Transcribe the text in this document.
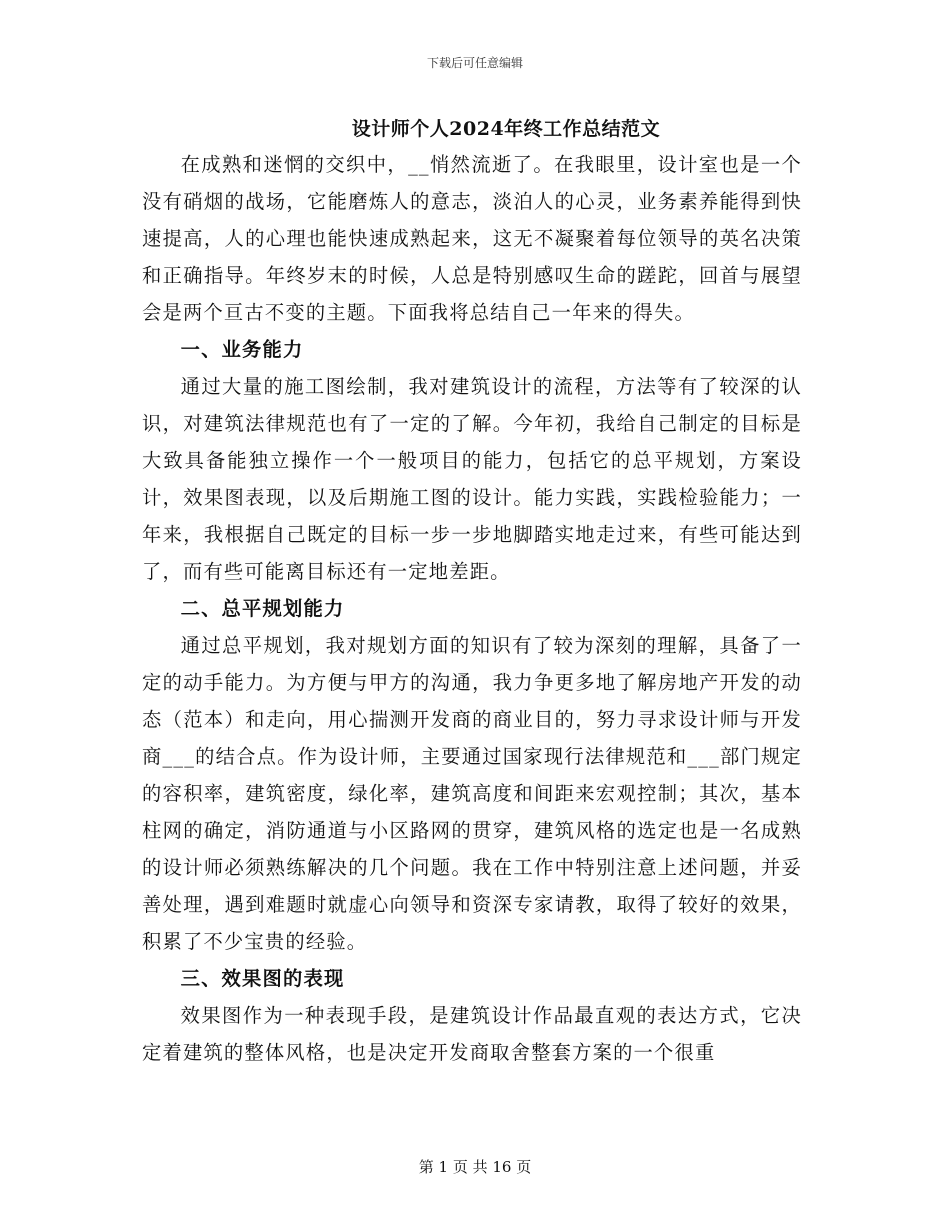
下载后可任意编辑
设计师个人2024年终工作总结范文

在成熟和迷惘的交织中，__悄然流逝了。在我眼里，设计室也是一个没有硝烟的战场，它能磨炼人的意志，淡泊人的心灵，业务素养能得到快速提高，人的心理也能快速成熟起来，这无不凝聚着每位领导的英名决策和正确指导。年终岁末的时候，人总是特别感叹生命的蹉跎，回首与展望会是两个亘古不变的主题。下面我将总结自己一年来的得失。

一、业务能力

通过大量的施工图绘制，我对建筑设计的流程，方法等有了较深的认识，对建筑法律规范也有了一定的了解。今年初，我给自己制定的目标是大致具备能独立操作一个一般项目的能力，包括它的总平规划，方案设计，效果图表现，以及后期施工图的设计。能力实践，实践检验能力；一年来，我根据自己既定的目标一步一步地脚踏实地走过来，有些可能达到了，而有些可能离目标还有一定地差距。

二、总平规划能力

通过总平规划，我对规划方面的知识有了较为深刻的理解，具备了一定的动手能力。为方便与甲方的沟通，我力争更多地了解房地产开发的动态（范本）和走向，用心揣测开发商的商业目的，努力寻求设计师与开发商___的结合点。作为设计师，主要通过国家现行法律规范和___部门规定的容积率，建筑密度，绿化率，建筑高度和间距来宏观控制；其次，基本柱网的确定，消防通道与小区路网的贯穿，建筑风格的选定也是一名成熟的设计师必须熟练解决的几个问题。我在工作中特别注意上述问题，并妥善处理，遇到难题时就虚心向领导和资深专家请教，取得了较好的效果，积累了不少宝贵的经验。

三、效果图的表现

效果图作为一种表现手段，是建筑设计作品最直观的表达方式，它决定着建筑的整体风格，也是决定开发商取舍整套方案的一个很重

第 1 页 共 16 页
